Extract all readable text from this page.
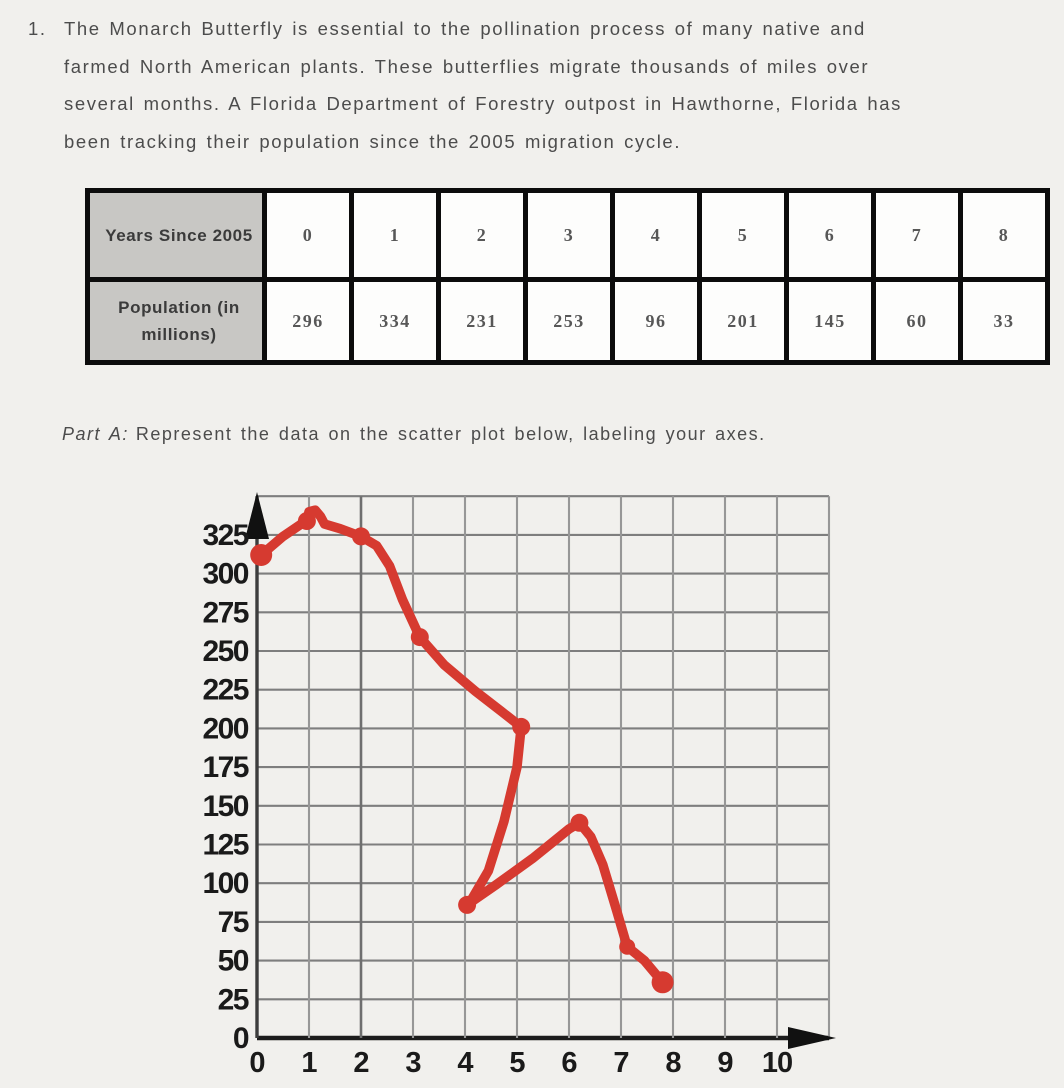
1. The Monarch Butterfly is essential to the pollination process of many native and
farmed North American plants. These butterflies migrate thousands of miles over
several months. A Florida Department of Forestry outpost in Hawthorne, Florida has
been tracking their population since the 2005 migration cycle.
Years Since 2005	0	1	2	3	4	5	6	7	8
Population (in millions)	296	334	231	253	96	201	145	60	33
Part A: Represent the data on the scatter plot below, labeling your axes.
0
25
50
75
100
125
150
175
200
225
250
275
300
325
0 1 2 3 4 5 6 7 8 9 10
